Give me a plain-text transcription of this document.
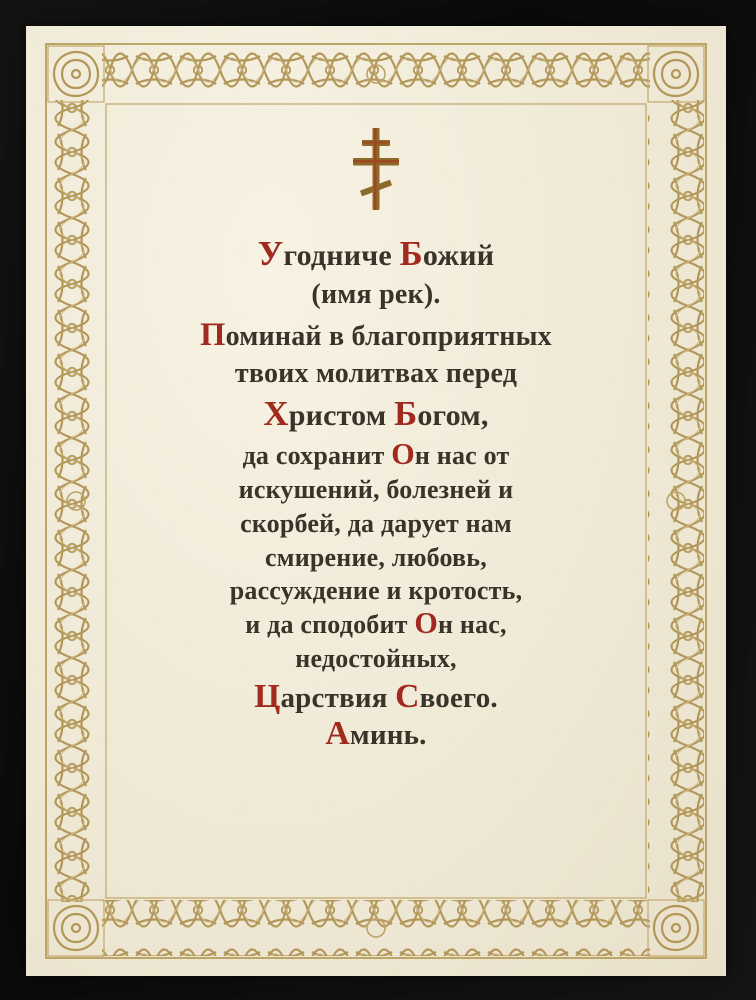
Угодниче Божий
(имя рек).
Поминай в благоприятных
твоих молитвах перед
Христом Богом,
да сохранит Он нас от
искушений, болезней и
скорбей, да дарует нам
смирение, любовь,
рассуждение и кротость,
и да сподобит Он нас,
недостойных,
Царствия Своего.
Аминь.
